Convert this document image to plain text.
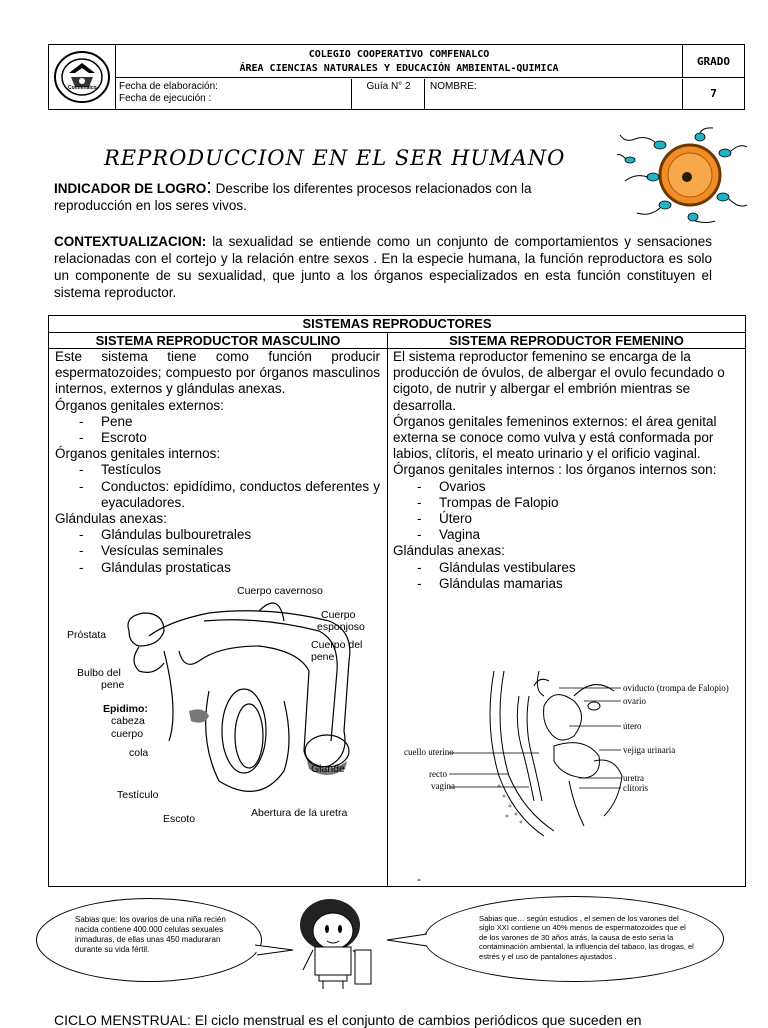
Comfenalco
COLEGIO COOPERATIVO COMFENALCO
ÁREA CIENCIAS NATURALES Y EDUCACIÓN AMBIENTAL-QUIMICA
Fecha de elaboración:
Fecha de ejecución :
Guía N° 2	NOMBRE:
GRADO
7
REPRODUCCION EN EL SER HUMANO
INDICADOR DE LOGRO: Describe los diferentes procesos relacionados con la
reproducción en los seres vivos.
CONTEXTUALIZACION: la sexualidad se entiende como un conjunto de comportamientos y sensaciones relacionadas con el cortejo y la relación entre sexos . En la especie humana, la función reproductora es solo un componente de su sexualidad, que junto a los órganos especializados en esta función constituyen el sistema reproductor.
SISTEMAS REPRODUCTORES
SISTEMA REPRODUCTOR MASCULINO	SISTEMA REPRODUCTOR FEMENINO
Este sistema tiene como función producir espermatozoides; compuesto por órganos masculinos internos, externos y glándulas anexas.
Órganos genitales externos:
- Pene
- Escroto
Órganos genitales internos:
- Testículos
- Conductos: epidídimo, conductos deferentes y eyaculadores.
Glándulas anexas:
- Glándulas bulbouretrales
- Vesículas seminales
- Glándulas prostaticas
El sistema reproductor femenino se encarga de la producción de óvulos, de albergar el ovulo fecundado o cigoto, de nutrir y albergar el embrión mientras se desarrolla.
Órganos genitales femeninos externos: el área genital externa se conoce como vulva y está conformada por labios, clítoris, el meato urinario y el orificio vaginal.
Órganos genitales internos : los órganos internos son:
- Ovarios
- Trompas de Falopio
- Útero
- Vagina
Glándulas anexas:
- Glándulas vestibulares
- Glándulas mamarias
Cuerpo cavernoso
Cuerpo
esponjoso
Cuerpo del
pene
Próstata
Bulbo del
pene
Epidimo:
cabeza
cuerpo
cola
Glande
Testículo
Escoto	Abertura de la uretra
oviducto (trompa de Falopio)
ovario
útero
cuello uterino	vejiga urinaria
recto
vagina
uretra
clítoris
-
Sabias que: los ovarios de una niña recién nacida contiene 400.000 celulas sexuales inmaduras, de ellas unas 450 maduraran durante su vida fértil.
Sabias que… según estudios , el semen de los varones del siglo XXI contiene un 40% menos de espermatozoides que el de los varones de 30 años atrás, la causa de esto seria la contaminación ambiental, la influencia del tabaco, las drogas, el estrés y el uso de pantalones ajustados .
CICLO MENSTRUAL: El ciclo menstrual es el conjunto de cambios periódicos que suceden en
